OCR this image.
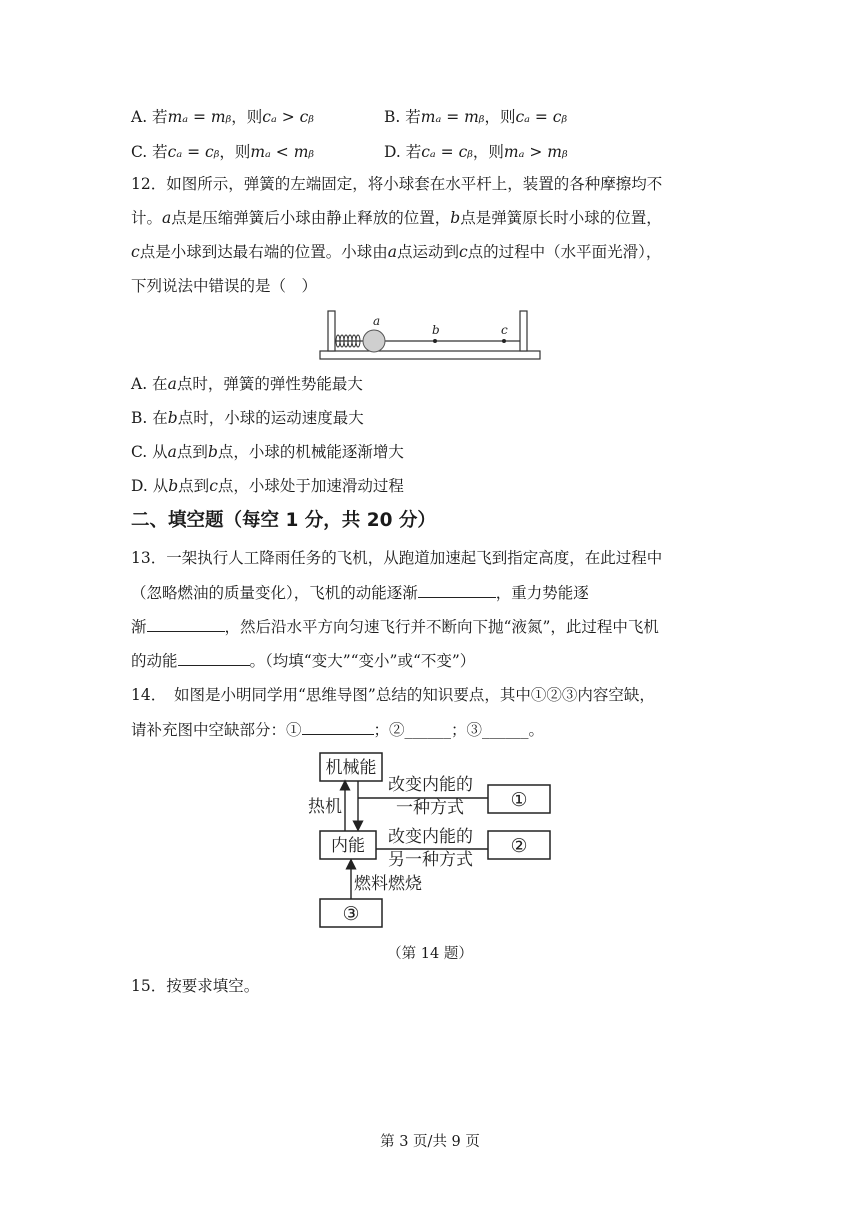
A. 若mₐ = mᵦ，则cₐ > cᵦ	B. 若mₐ = mᵦ，则cₐ = cᵦ
C. 若cₐ = cᵦ，则mₐ < mᵦ	D. 若cₐ = cᵦ，则mₐ > mᵦ
12．如图所示，弹簧的左端固定，将小球套在水平杆上，装置的各种摩擦均不
计。a点是压缩弹簧后小球由静止释放的位置，b点是弹簧原长时小球的位置，
c点是小球到达最右端的位置。小球由a点运动到c点的过程中（水平面光滑），
下列说法中错误的是（　）
a
b	c
A. 在a点时，弹簧的弹性势能最大
B. 在b点时，小球的运动速度最大
C. 从a点到b点，小球的机械能逐渐增大
D. 从b点到c点，小球处于加速滑动过程
二、填空题（每空 1 分，共 20 分）
13．一架执行人工降雨任务的飞机，从跑道加速起飞到指定高度，在此过程中
（忽略燃油的质量变化），飞机的动能逐渐	，重力势能逐
渐	，然后沿水平方向匀速飞行并不断向下抛“液氮”，此过程中飞机
的动能	。（均填“变大”“变小”或“不变”）
14．　如图是小明同学用“思维导图”总结的知识要点，其中①②③内容空缺，
请补充图中空缺部分：①	；②______；③______。
机械能
内能
①
②
③
热机
改变内能的
一种方式
改变内能的
另一种方式
燃料燃烧
（第 14 题）
15．按要求填空。
第 3 页/共 9 页
